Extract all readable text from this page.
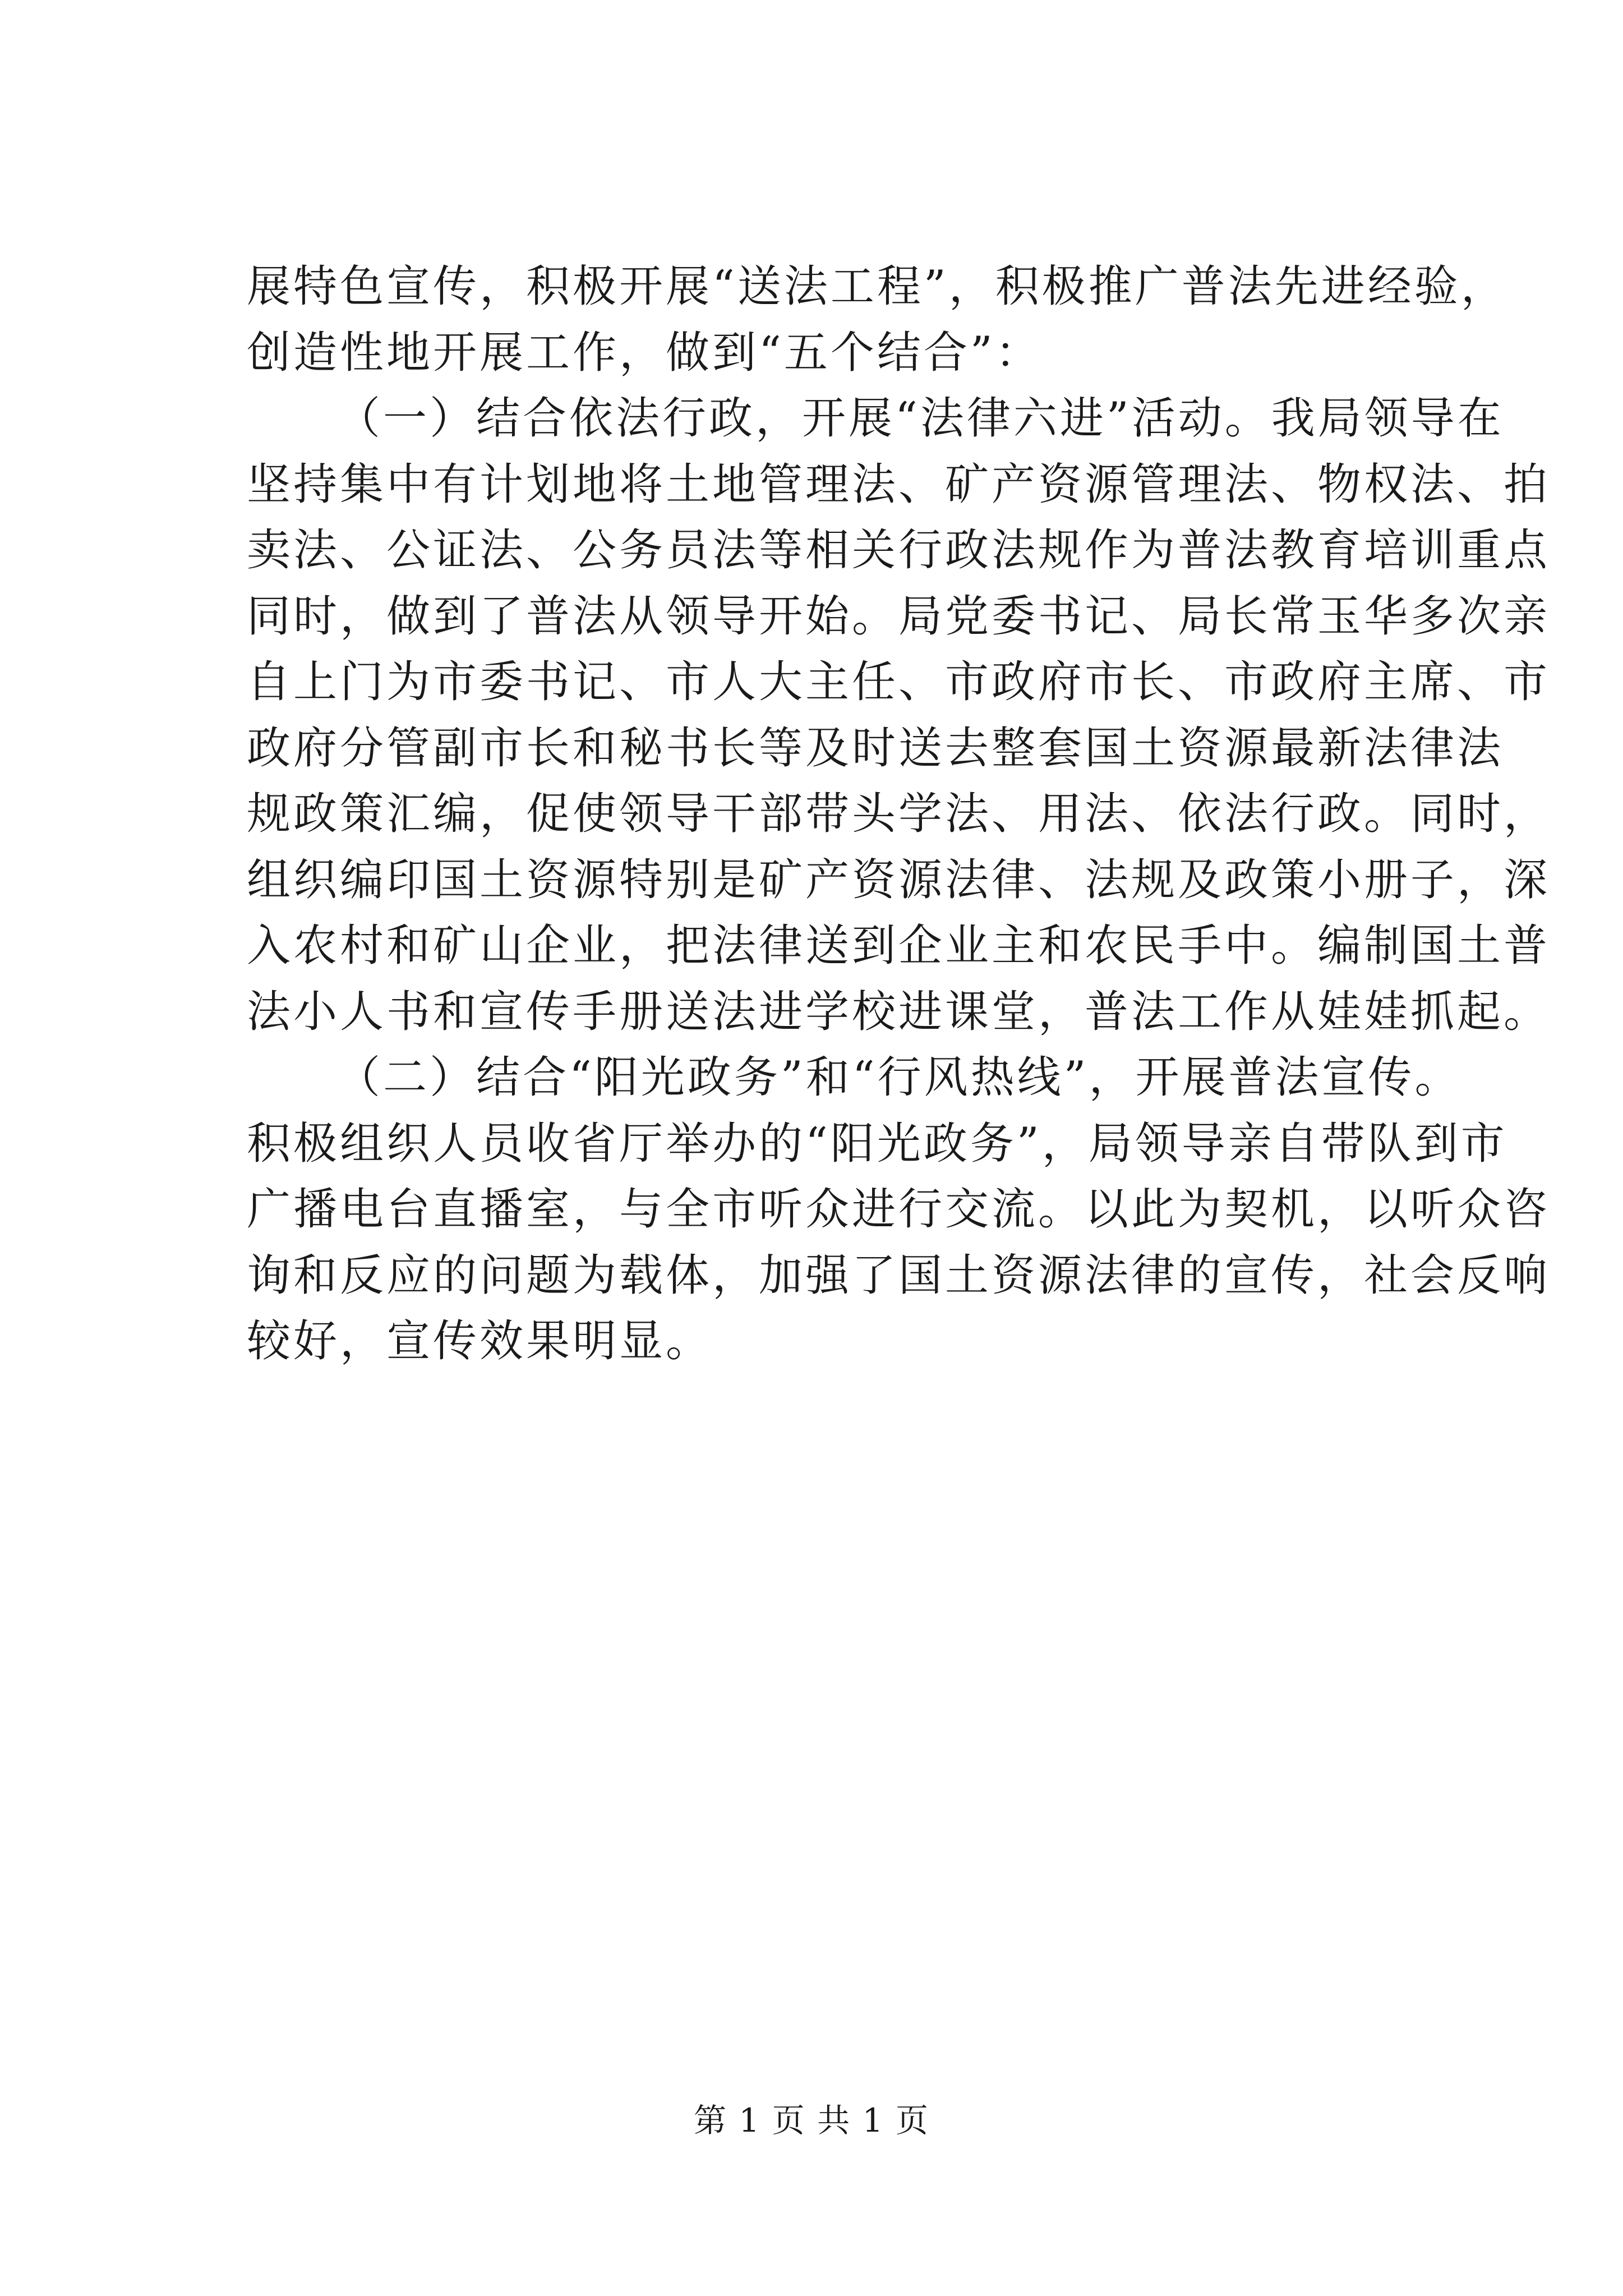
展特色宣传，积极开展“送法工程”，积极推广普法先进经验，
创造性地开展工作，做到“五个结合”：
（一）结合依法行政，开展“法律六进”活动。我局领导在
坚持集中有计划地将土地管理法、矿产资源管理法、物权法、拍
卖法、公证法、公务员法等相关行政法规作为普法教育培训重点
同时，做到了普法从领导开始。局党委书记、局长常玉华多次亲
自上门为市委书记、市人大主任、市政府市长、市政府主席、市
政府分管副市长和秘书长等及时送去整套国土资源最新法律法
规政策汇编，促使领导干部带头学法、用法、依法行政。同时，
组织编印国土资源特别是矿产资源法律、法规及政策小册子，深
入农村和矿山企业，把法律送到企业主和农民手中。编制国土普
法小人书和宣传手册送法进学校进课堂，普法工作从娃娃抓起。
（二）结合“阳光政务”和“行风热线”，开展普法宣传。
积极组织人员收省厅举办的“阳光政务”，局领导亲自带队到市
广播电台直播室，与全市听众进行交流。以此为契机，以听众咨
询和反应的问题为载体，加强了国土资源法律的宣传，社会反响
较好，宣传效果明显。
第 1 页 共 1 页
